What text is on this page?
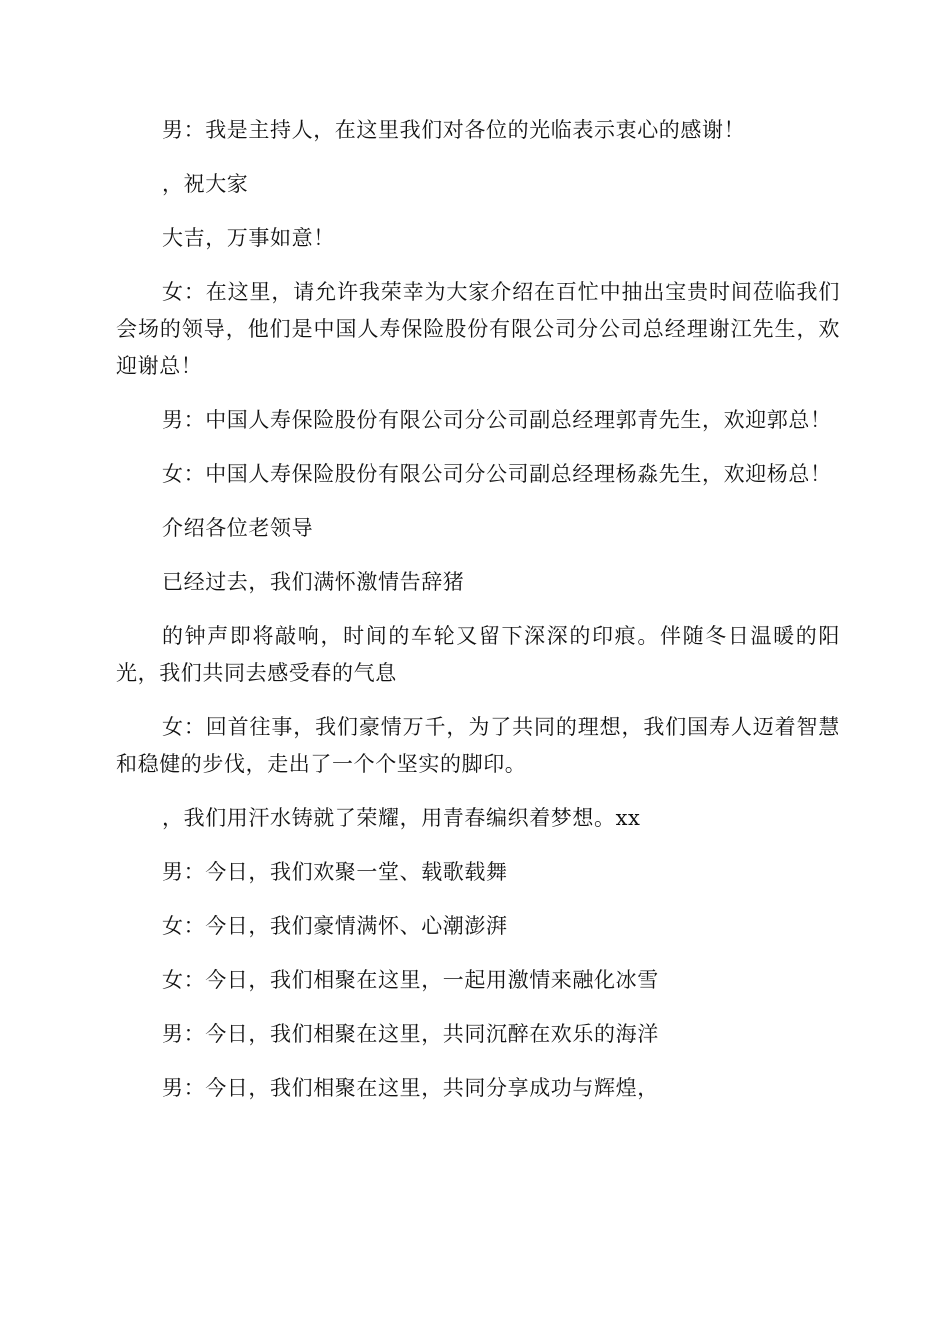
男：我是主持人，在这里我们对各位的光临表示衷心的感谢！

，祝大家

大吉，万事如意！

女：在这里，请允许我荣幸为大家介绍在百忙中抽出宝贵时间莅临我们会场的领导，他们是中国人寿保险股份有限公司分公司总经理谢江先生，欢迎谢总！

男：中国人寿保险股份有限公司分公司副总经理郭青先生，欢迎郭总！

女：中国人寿保险股份有限公司分公司副总经理杨淼先生，欢迎杨总！

介绍各位老领导

已经过去，我们满怀激情告辞猪

的钟声即将敲响，时间的车轮又留下深深的印痕。伴随冬日温暖的阳光，我们共同去感受春的气息

女：回首往事，我们豪情万千，为了共同的理想，我们国寿人迈着智慧和稳健的步伐，走出了一个个坚实的脚印。

，我们用汗水铸就了荣耀，用青春编织着梦想。xx

男：今日，我们欢聚一堂、载歌载舞

女：今日，我们豪情满怀、心潮澎湃

女：今日，我们相聚在这里，一起用激情来融化冰雪

男：今日，我们相聚在这里，共同沉醉在欢乐的海洋

男：今日，我们相聚在这里，共同分享成功与辉煌，
